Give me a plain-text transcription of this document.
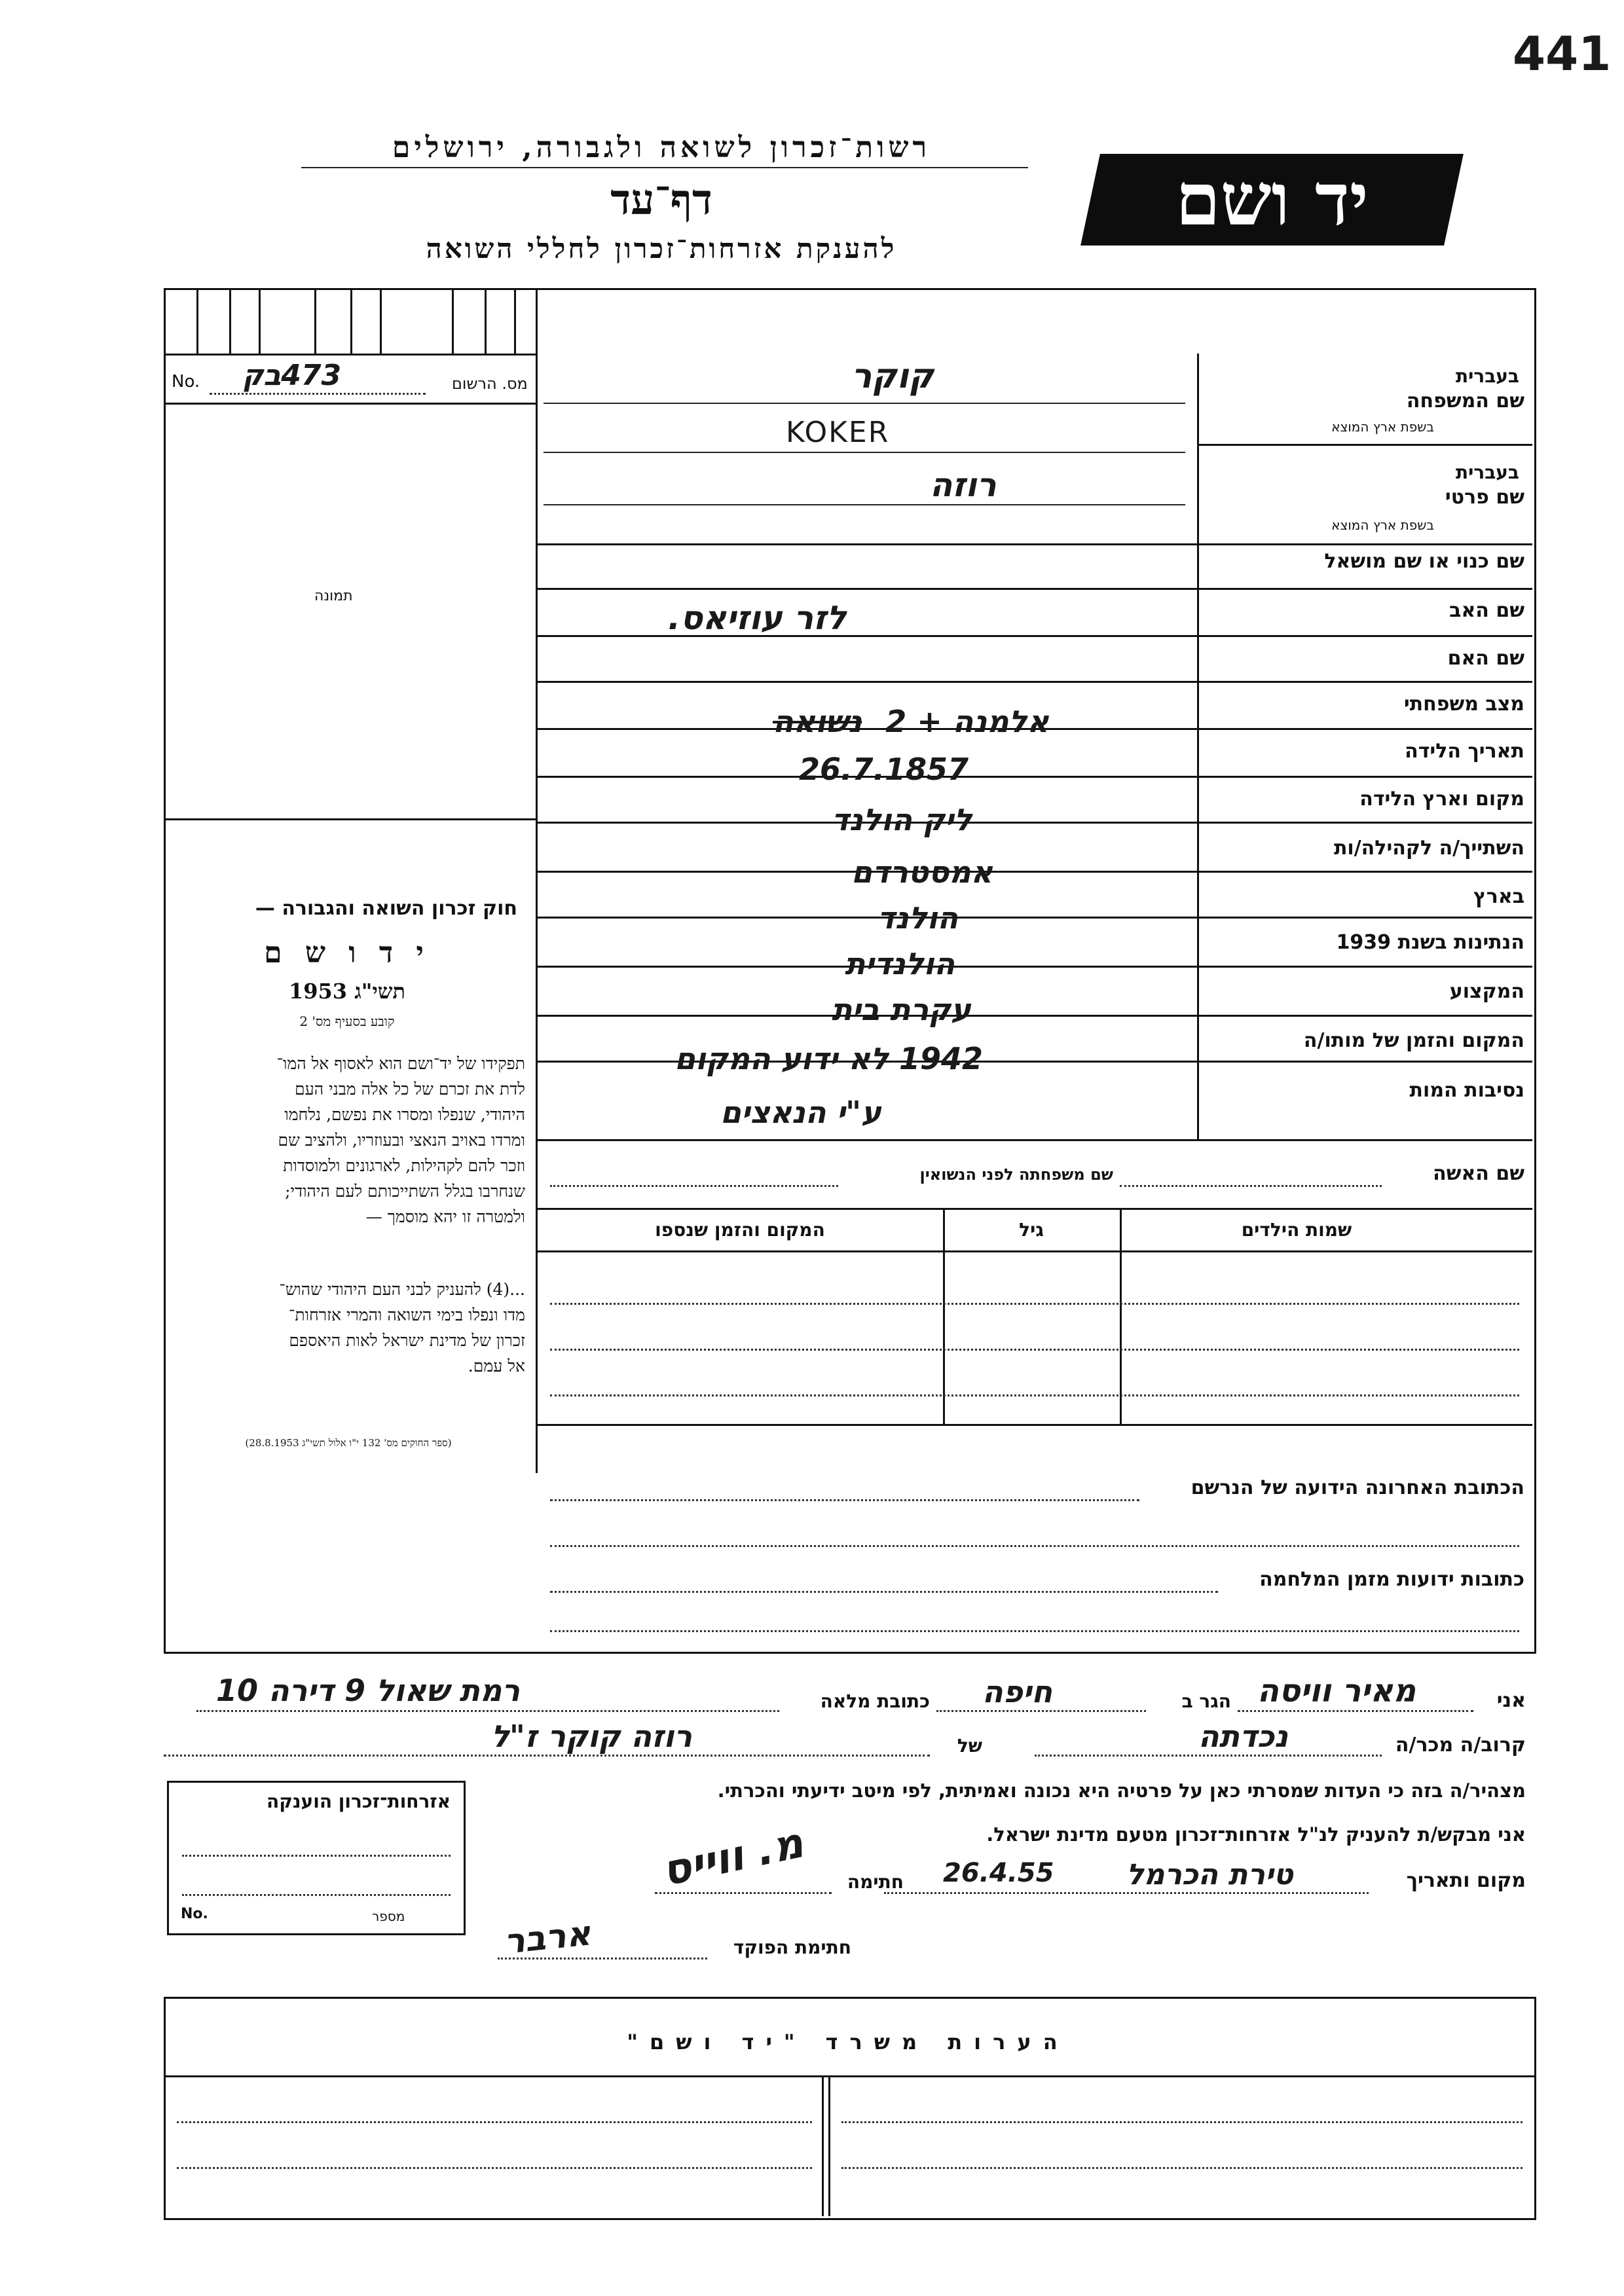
441
רשות־זכרון לשואה ולגבורה, ירושלים
דף־עד
להענקת אזרחות־זכרון לחללי השואה
יד ושם
No. 473בק	מס. הרשום
תמונה
חוק זכרון השואה והגבורה —
י ד ו ש ם
תשי"ג 1953
קובע בסעיף מס' 2
תפקידו של יד־ושם הוא לאסוף אל המו־
לדת את זכרם של כל אלה מבני העם
היהודי, שנפלו ומסרו את נפשם, נלחמו
ומרדו באויב הנאצי ובעוזריו, ולהציב שם
וזכר להם לקהילות, לארגונים ולמוסדות
שנחרבו בגלל השתייכותם לעם היהודי;
ולמטרה זו יהא מוסמך —
...(4) להעניק לבני העם היהודי שהוש־
מדו ונפלו בימי השואה והמרי אזרחות־
זכרון של מדינת ישראל לאות היאספם
אל עמם.
(ספר החוקים מס' 132 י"ו אלול תשי"ג 28.8.1953)
בעברית
שם המשפחה
בשפת ארץ המוצא
בעברית
שם פרטי
בשפת ארץ המוצא
שם כנוי או שם מושאל
שם האב
שם האם
מצב משפחתי
תאריך הלידה
מקום וארץ הלידה
השתייך/ה לקהילה/ות
בארץ
הנתינות בשנת 1939
המקצוע
המקום והזמן של מותו/ה
נסיבות המות
קוקר
KOKER
רוזה
לזר עוזיאס.
אלמנה + 2 נשואה
26.7.1857
ליק הולנד
אמסטרדם
הולנד
הולנדית
עקרת בית
1942 לא ידוע המקום
ע"י הנאצים
שם האשה
שם משפחתה לפני הנשואין
שמות הילדים
גיל
המקום והזמן שנספו
הכתובת האחרונה הידועה של הנרשם
כתובות ידועות מזמן המלחמה
אני
מאיר וויסה
הגר ב
חיפה
כתובת מלאה
רמת שאול 9 דירה 10
קרוב/ה מכר/ה
נכדתה
של
רוזה קוקר ז"ל
מצהיר/ה בזה כי העדות שמסרתי כאן על פרטיה היא נכונה ואמיתית, לפי מיטב ידיעתי והכרתי.
אני מבקש/ת להעניק לנ"ל אזרחות־זכרון מטעם מדינת ישראל.
מקום ותאריך
טירת הכרמל
26.4.55
חתימה
מ. ווייס
חתימת הפוקד
ארבר
אזרחות־זכרון הוענקה
No.	מספר
הערות משרד "יד ושם"
